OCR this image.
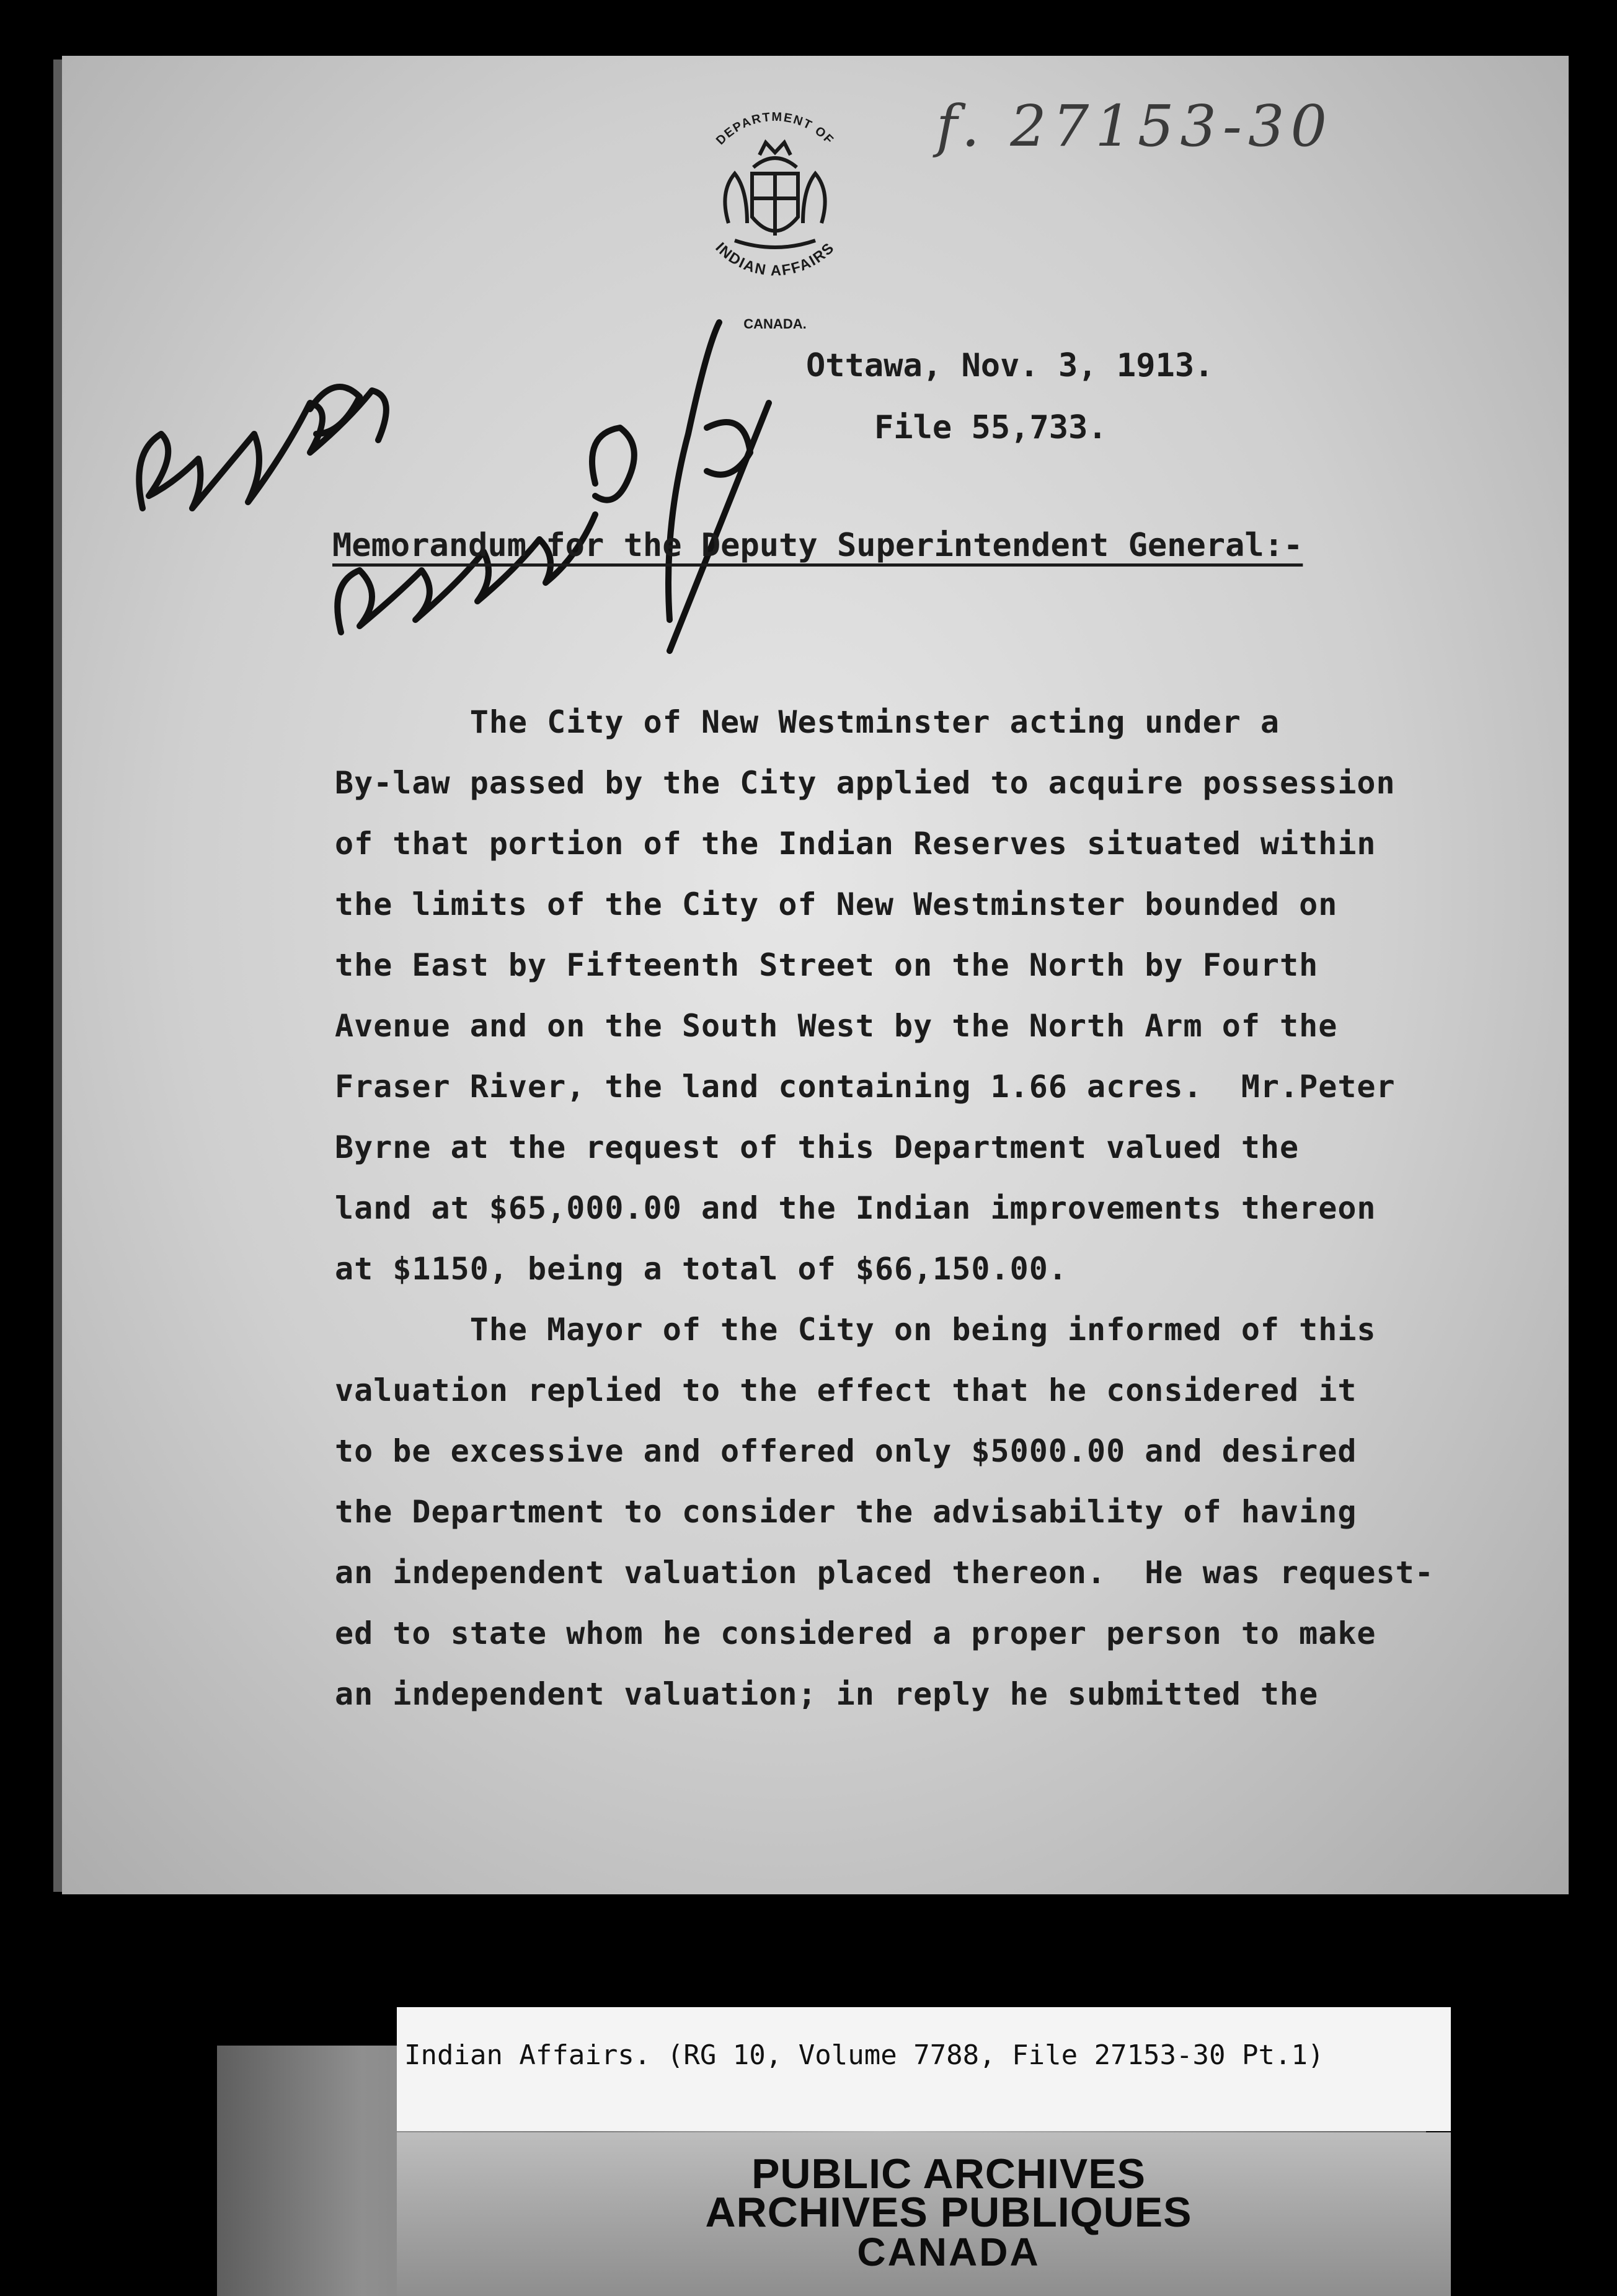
f. 27153-30
DEPARTMENT OF
INDIAN AFFAIRS
CANADA.
Ottawa, Nov. 3, 1913.
File 55,733.
Memorandum for the Deputy Superintendent General:-
The City of New Westminster acting under a
By-law passed by the City applied to acquire possession
of that portion of the Indian Reserves situated within
the limits of the City of New Westminster bounded on
the East by Fifteenth Street on the North by Fourth
Avenue and on the South West by the North Arm of the
Fraser River, the land containing 1.66 acres.  Mr.Peter
Byrne at the request of this Department valued the
land at $65,000.00 and the Indian improvements thereon
at $1150, being a total of $66,150.00.
The Mayor of the City on being informed of this
valuation replied to the effect that he considered it
to be excessive and offered only $5000.00 and desired
the Department to consider the advisability of having
an independent valuation placed thereon.  He was request-
ed to state whom he considered a proper person to make
an independent valuation; in reply he submitted the
Indian Affairs. (RG 10, Volume 7788, File 27153-30 Pt.1)
PUBLIC ARCHIVES
ARCHIVES PUBLIQUES
CANADA
